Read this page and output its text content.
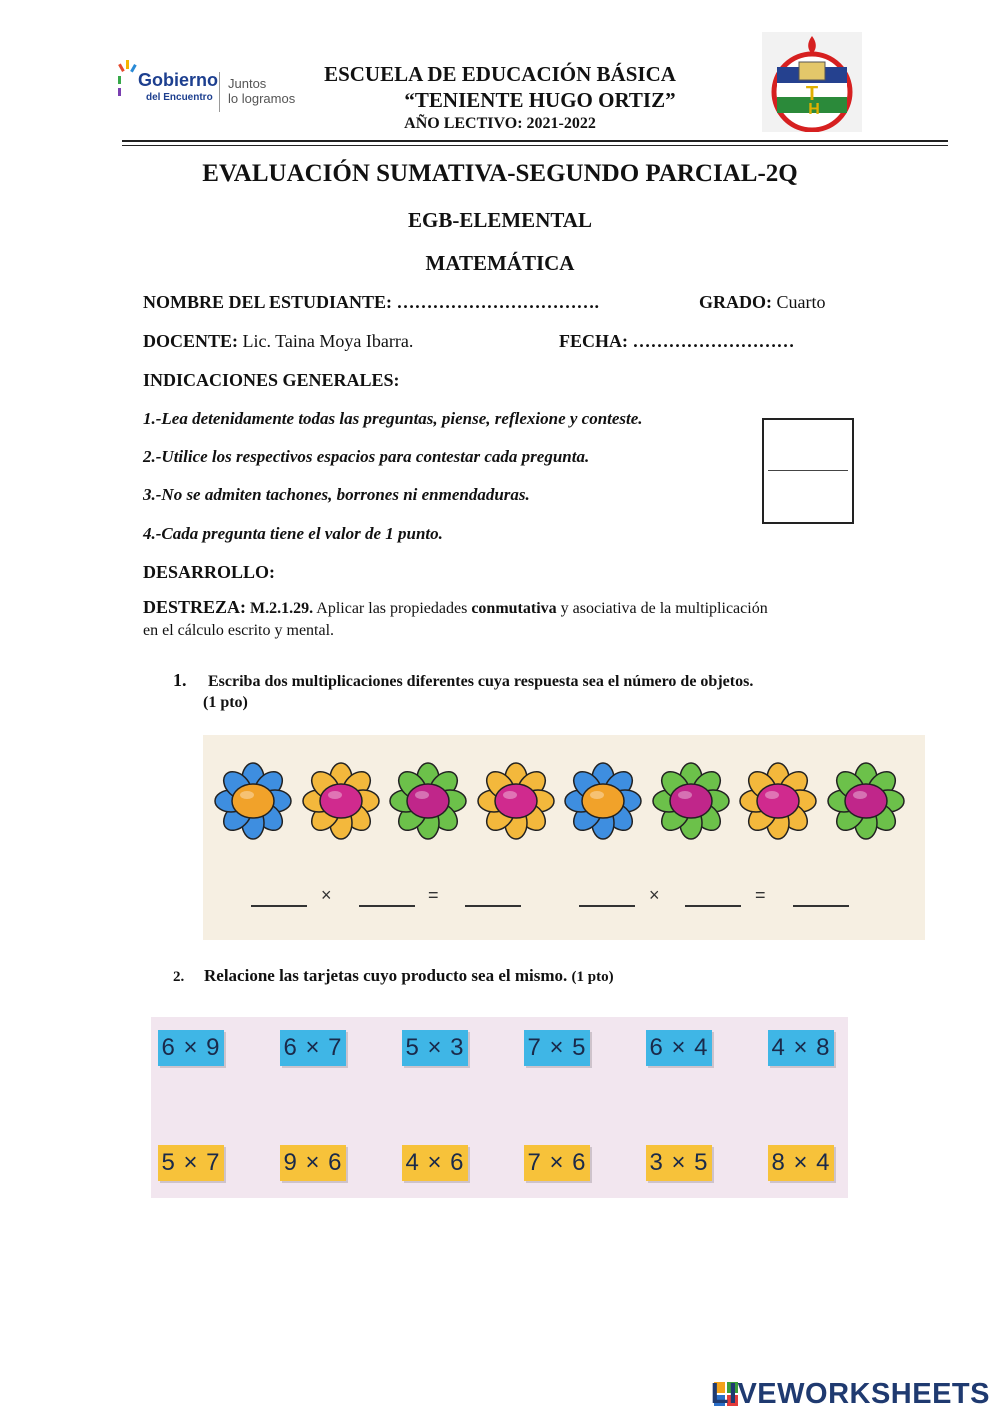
Gobierno
del Encuentro
Juntos
lo logramos
ESCUELA DE EDUCACIÓN BÁSICA
“TENIENTE HUGO ORTIZ”
AÑO LECTIVO: 2021-2022
T
H
EVALUACIÓN SUMATIVA-SEGUNDO PARCIAL-2Q
EGB-ELEMENTAL
MATEMÁTICA
NOMBRE DEL ESTUDIANTE: …………………………….	GRADO: Cuarto
DOCENTE: Lic. Taina Moya Ibarra.	FECHA: ………………………
INDICACIONES GENERALES:
1.-Lea detenidamente todas las preguntas, piense, reflexione y conteste.
2.-Utilice los respectivos espacios para contestar cada pregunta.
3.-No se admiten tachones, borrones ni enmendaduras.
4.-Cada pregunta tiene el valor de 1 punto.
DESARROLLO:
DESTREZA: M.2.1.29. Aplicar las propiedades conmutativa y asociativa de la multiplicación
en el cálculo escrito y mental.
1. Escriba dos multiplicaciones diferentes cuya respuesta sea el número de objetos.
(1 pto)

×	=	×	=
2. Relacione las tarjetas cuyo producto sea el mismo. (1 pto)
6 × 9	6 × 7	5 × 3	7 × 5	6 × 4	4 × 8
5 × 7	9 × 6	4 × 6	7 × 6	3 × 5	8 × 4
LIVEWORKSHEETS
